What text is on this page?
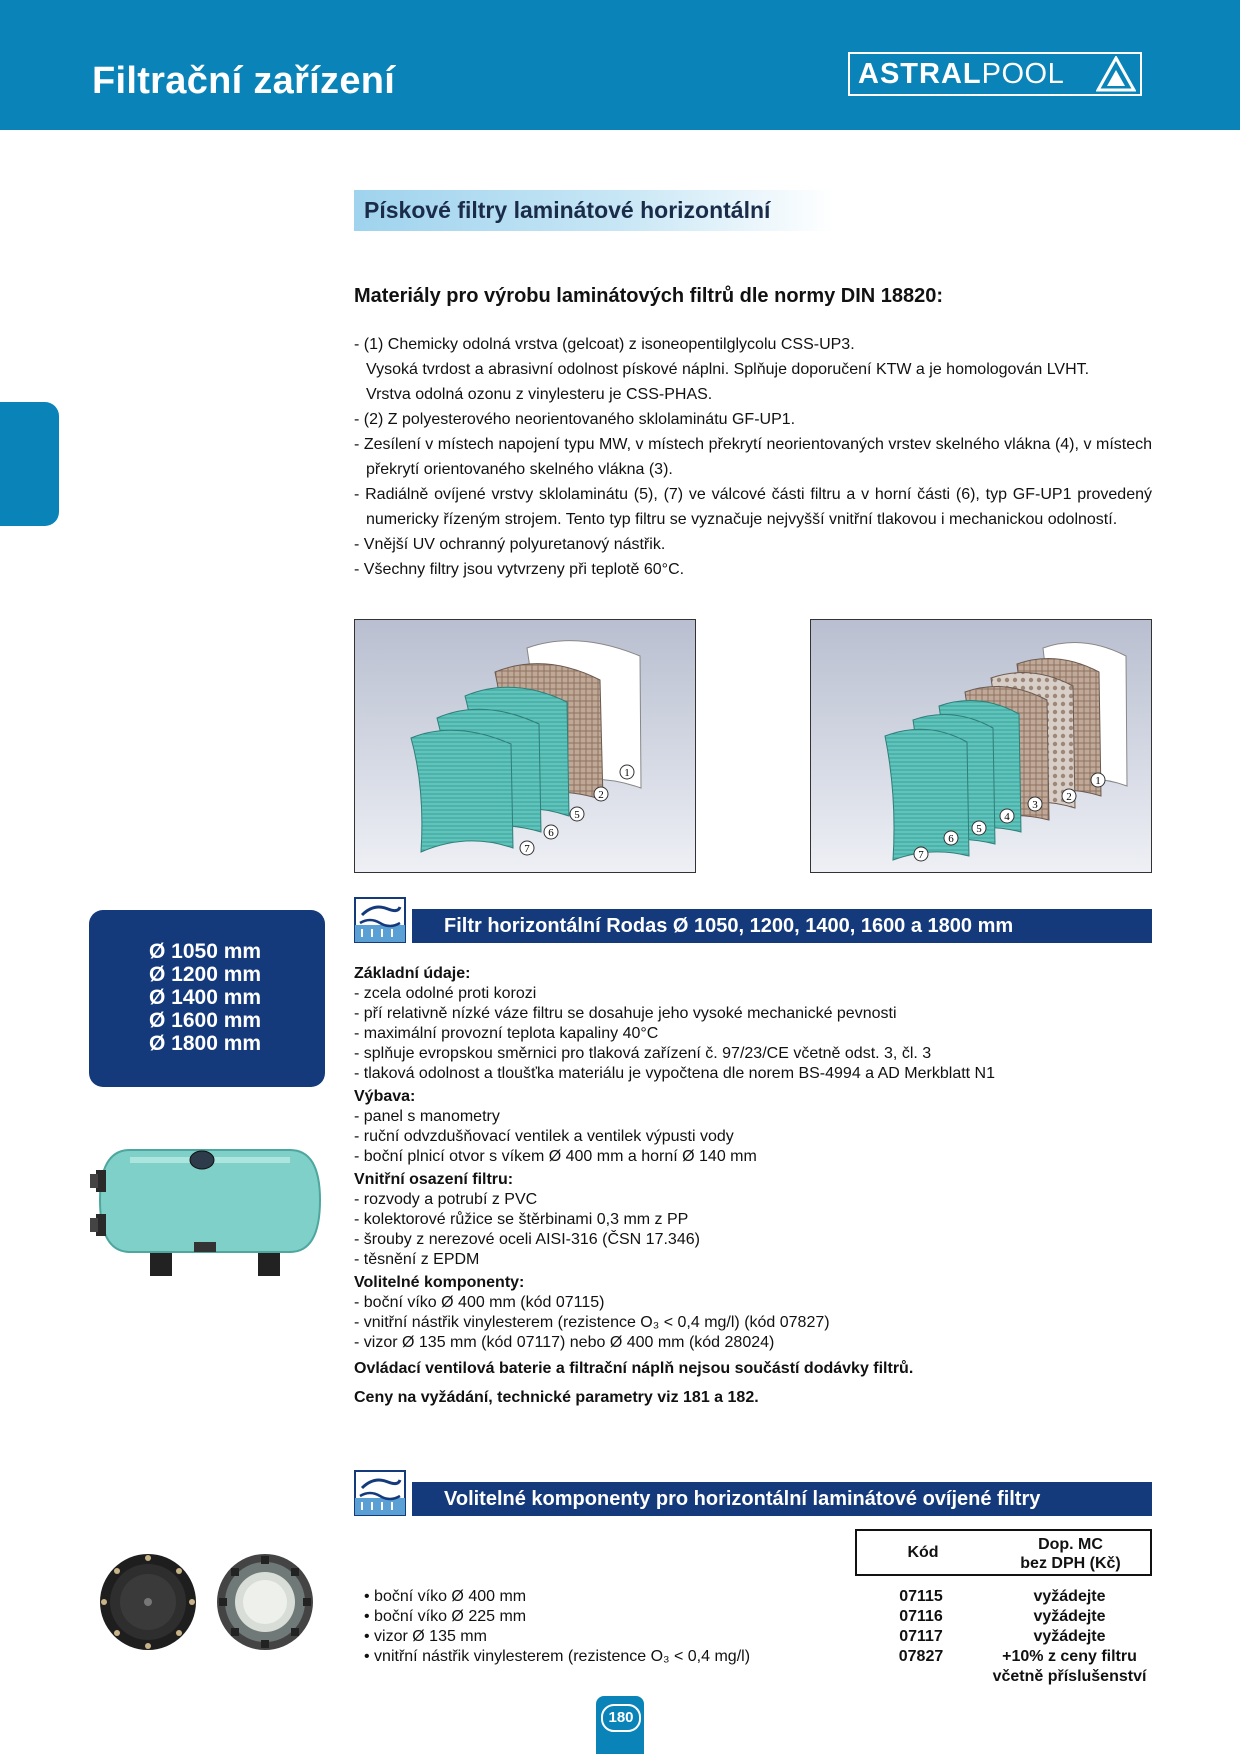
Filtrační zařízení	ASTRAL POOL
Pískové filtry laminátové horizontální
Materiály pro výrobu laminátových filtrů dle normy DIN 18820:
- (1) Chemicky odolná vrstva (gelcoat) z isoneopentilglycolu CSS-UP3.
Vysoká tvrdost a abrasivní odolnost pískové náplni. Splňuje doporučení KTW a je homologován LVHT.
Vrstva odolná ozonu z vinylesteru je CSS-PHAS.
- (2) Z polyesterového neorientovaného sklolaminátu GF-UP1.
- Zesílení v místech napojení typu MW, v místech překrytí neorientovaných vrstev skelného vlákna (4), v místech překrytí orientovaného skelného vlákna (3).
- Radiálně ovíjené vrstvy sklolaminátu (5), (7) ve válcové části filtru a v horní části (6), typ GF-UP1 provedený numericky řízeným strojem. Tento typ filtru se vyznačuje nejvyšší vnitřní tlakovou i mechanickou odolností.
- Vnější UV ochranný polyuretanový nástřik.
- Všechny filtry jsou vytvrzeny při teplotě 60°C.
7
6
5
2
1
7
6
5
4
3
2
1
Ø 1050 mm
Ø 1200 mm
Ø 1400 mm
Ø 1600 mm
Ø 1800 mm
Filtr horizontální Rodas Ø 1050, 1200, 1400, 1600 a 1800 mm
Základní údaje:
- zcela odolné proti korozi
- pří relativně nízké váze filtru se dosahuje jeho vysoké mechanické pevnosti
- maximální provozní teplota kapaliny 40°C
- splňuje evropskou směrnici pro tlaková zařízení č. 97/23/CE včetně odst. 3, čl. 3
- tlaková odolnost a tloušťka materiálu je vypočtena dle norem BS-4994 a AD Merkblatt N1
Výbava:
- panel s manometry
- ruční odvzdušňovací ventilek a ventilek výpusti vody
- boční plnicí otvor s víkem Ø 400 mm a horní Ø 140 mm
Vnitřní osazení filtru:
- rozvody a potrubí z PVC
- kolektorové růžice se štěrbinami 0,3 mm z PP
- šrouby z nerezové oceli AISI-316 (ČSN 17.346)
- těsnění z EPDM
Volitelné komponenty:
- boční víko Ø 400 mm (kód 07115)
- vnitřní nástřik vinylesterem (rezistence O₃ < 0,4 mg/l) (kód 07827)
- vizor Ø 135 mm (kód 07117) nebo Ø 400 mm (kód 28024)
Ovládací ventilová baterie a filtrační náplň nejsou součástí dodávky filtrů.
Ceny na vyžádání, technické parametry viz 181 a 182.
Volitelné komponenty pro horizontální laminátové ovíjené filtry
Kód	Dop. MC
bez DPH (Kč)
• boční víko Ø 400 mm	07115	vyžádejte
• boční víko Ø 225 mm	07116	vyžádejte
• vizor Ø 135 mm	07117	vyžádejte
• vnitřní nástřik vinylesterem (rezistence O₃ < 0,4 mg/l)	07827	+10% z ceny filtru
včetně příslušenství
180
